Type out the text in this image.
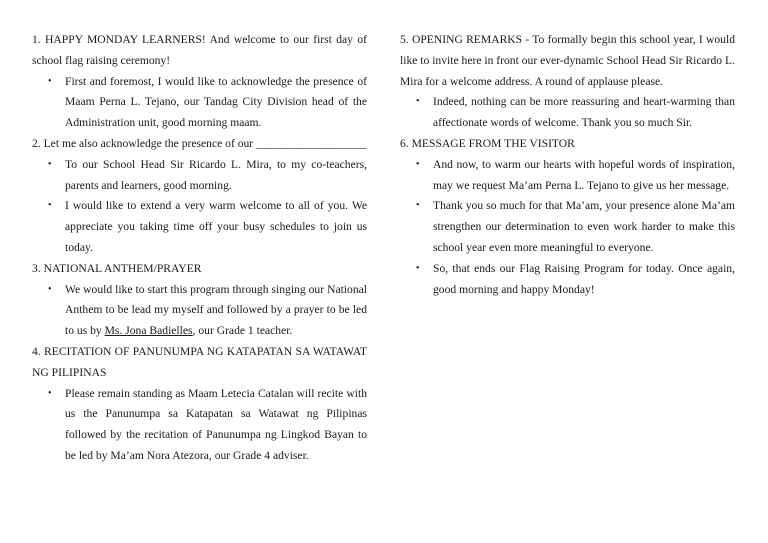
1. HAPPY MONDAY LEARNERS! And welcome to our first day of school flag raising ceremony!

• First and foremost, I would like to acknowledge the presence of Maam Perna L. Tejano, our Tandag City Division head of the Administration unit, good morning maam.

2. Let me also acknowledge the presence of our ___________________

• To our School Head Sir Ricardo L. Mira, to my co-teachers, parents and learners, good morning.
• I would like to extend a very warm welcome to all of you. We appreciate you taking time off your busy schedules to join us today.

3. NATIONAL ANTHEM/PRAYER

• We would like to start this program through singing our National Anthem to be lead my myself and followed by a prayer to be led to us by Ms. Jona Badielles, our Grade 1 teacher.

4. RECITATION OF PANUNUMPA NG KATAPATAN SA WATAWAT NG PILIPINAS

• Please remain standing as Maam Letecia Catalan will recite with us the Panunumpa sa Katapatan sa Watawat ng Pilipinas followed by the recitation of Panunumpa ng Lingkod Bayan to be led by Ma’am Nora Atezora, our Grade 4 adviser.

5. OPENING REMARKS - To formally begin this school year, I would like to invite here in front our ever-dynamic School Head Sir Ricardo L. Mira for a welcome address. A round of applause please.

• Indeed, nothing can be more reassuring and heart-warming than affectionate words of welcome. Thank you so much Sir.

6. MESSAGE FROM THE VISITOR

• And now, to warm our hearts with hopeful words of inspiration, may we request Ma’am Perna L. Tejano to give us her message.
• Thank you so much for that Ma’am, your presence alone Ma’am strengthen our determination to even work harder to make this school year even more meaningful to everyone.
• So, that ends our Flag Raising Program for today. Once again, good morning and happy Monday!
